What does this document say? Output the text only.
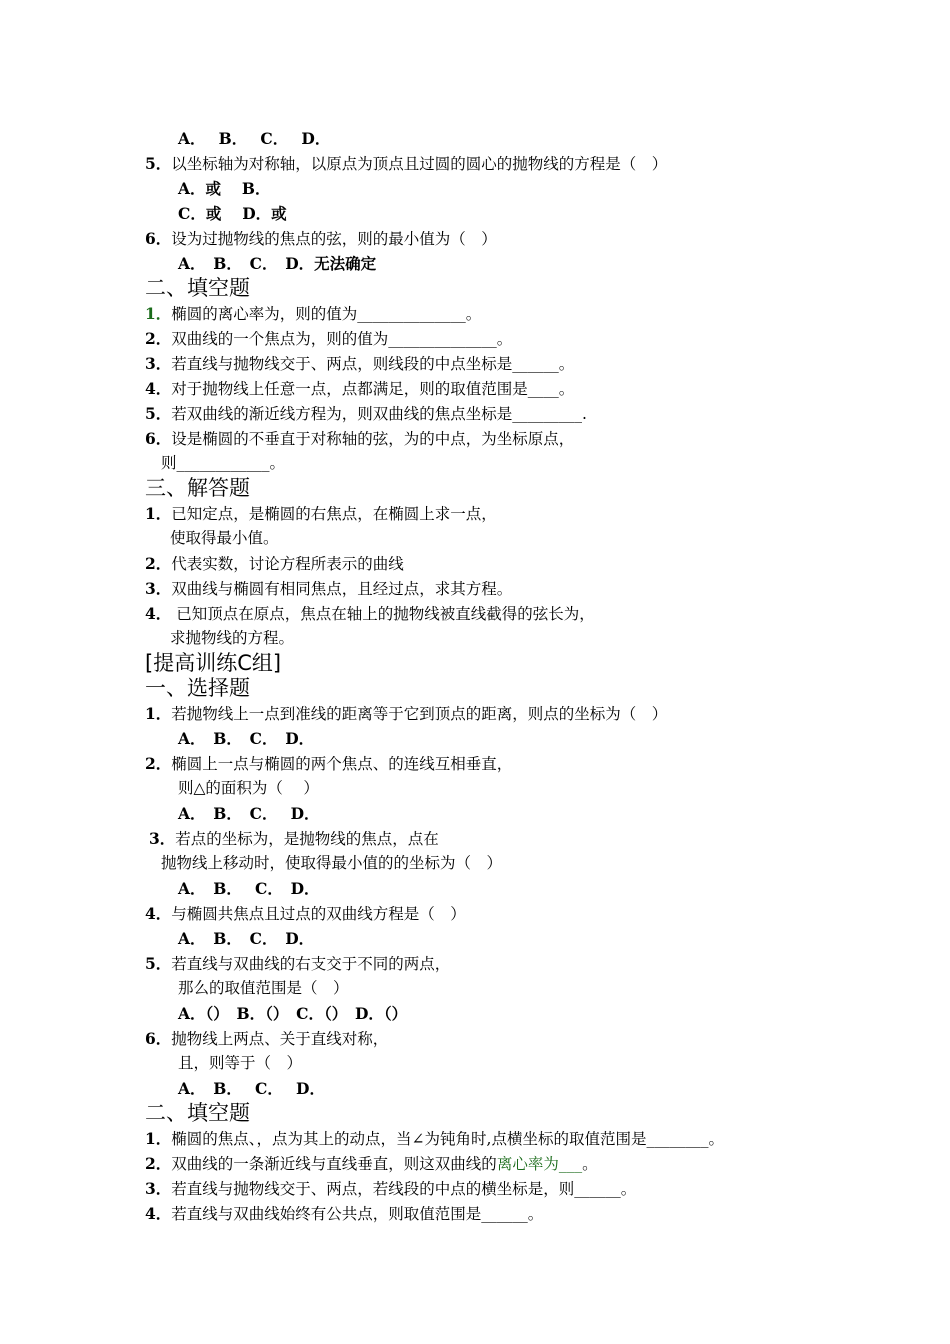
A．　 B．　 C．　 D．
5．以坐标轴为对称轴，以原点为顶点且过圆的圆心的抛物线的方程是（　）
A．或　 B．
C．或　 D．或
6．设为过抛物线的焦点的弦，则的最小值为（　）
A．　B．　C．　D．无法确定
二、填空题
1．椭圆的离心率为，则的值为______________。
2．双曲线的一个焦点为，则的值为______________。
3．若直线与抛物线交于、两点，则线段的中点坐标是______。
4．对于抛物线上任意一点，点都满足，则的取值范围是____。
5．若双曲线的渐近线方程为，则双曲线的焦点坐标是_________.
6．设是椭圆的不垂直于对称轴的弦，为的中点，为坐标原点，
则____________。
三、解答题
1．已知定点，是椭圆的右焦点，在椭圆上求一点，
使取得最小值。
2．代表实数，讨论方程所表示的曲线
3．双曲线与椭圆有相同焦点，且经过点，求其方程。
4． 已知顶点在原点，焦点在轴上的抛物线被直线截得的弦长为，
求抛物线的方程。
[提高训练C组]
一、选择题
1．若抛物线上一点到准线的距离等于它到顶点的距离，则点的坐标为（　）
A．　B．　C．　D．
2．椭圆上一点与椭圆的两个焦点、的连线互相垂直，
则△的面积为（　 ）
A．　B．　C．　 D．
3．若点的坐标为，是抛物线的焦点，点在
抛物线上移动时，使取得最小值的的坐标为（　）
A．　B．　 C．　D．
4．与椭圆共焦点且过点的双曲线方程是（　）
A．　B．　C．　D．
5．若直线与双曲线的右支交于不同的两点，
那么的取值范围是（　）
A．（）　B．（）　C．（）　D．（）
6．抛物线上两点、关于直线对称，
且，则等于（　）
A．　B．　 C．　 D．
二、填空题
1．椭圆的焦点、，点为其上的动点，当∠为钝角时,点横坐标的取值范围是________。
2．双曲线的一条渐近线与直线垂直，则这双曲线的离心率为___。
3．若直线与抛物线交于、两点，若线段的中点的横坐标是，则______。
4．若直线与双曲线始终有公共点，则取值范围是______。
